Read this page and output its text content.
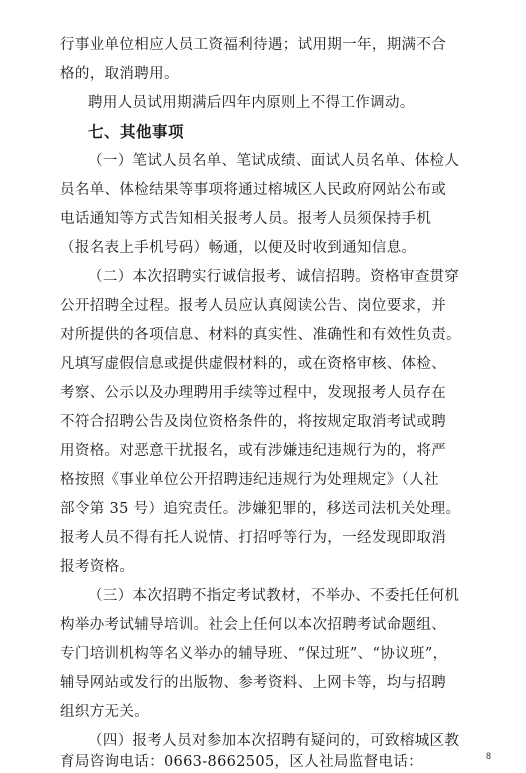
行事业单位相应人员工资福利待遇；试用期一年，期满不合
格的，取消聘用。
聘用人员试用期满后四年内原则上不得工作调动。
七、其他事项
（一）笔试人员名单、笔试成绩、面试人员名单、体检人
员名单、体检结果等事项将通过榕城区人民政府网站公布或
电话通知等方式告知相关报考人员。报考人员须保持手机
（报名表上手机号码）畅通，以便及时收到通知信息。
（二）本次招聘实行诚信报考、诚信招聘。资格审查贯穿
公开招聘全过程。报考人员应认真阅读公告、岗位要求，并
对所提供的各项信息、材料的真实性、准确性和有效性负责。
凡填写虚假信息或提供虚假材料的，或在资格审核、体检、
考察、公示以及办理聘用手续等过程中，发现报考人员存在
不符合招聘公告及岗位资格条件的，将按规定取消考试或聘
用资格。对恶意干扰报名，或有涉嫌违纪违规行为的，将严
格按照《事业单位公开招聘违纪违规行为处理规定》（人社
部令第 35 号）追究责任。涉嫌犯罪的，移送司法机关处理。
报考人员不得有托人说情、打招呼等行为，一经发现即取消
报考资格。
（三）本次招聘不指定考试教材，不举办、不委托任何机
构举办考试辅导培训。社会上任何以本次招聘考试命题组、
专门培训机构等名义举办的辅导班、“保过班”、“协议班”，
辅导网站或发行的出版物、参考资料、上网卡等，均与招聘
组织方无关。
（四）报考人员对参加本次招聘有疑问的，可致榕城区教
育局咨询电话：0663-8662505，区人社局监督电话：	8
